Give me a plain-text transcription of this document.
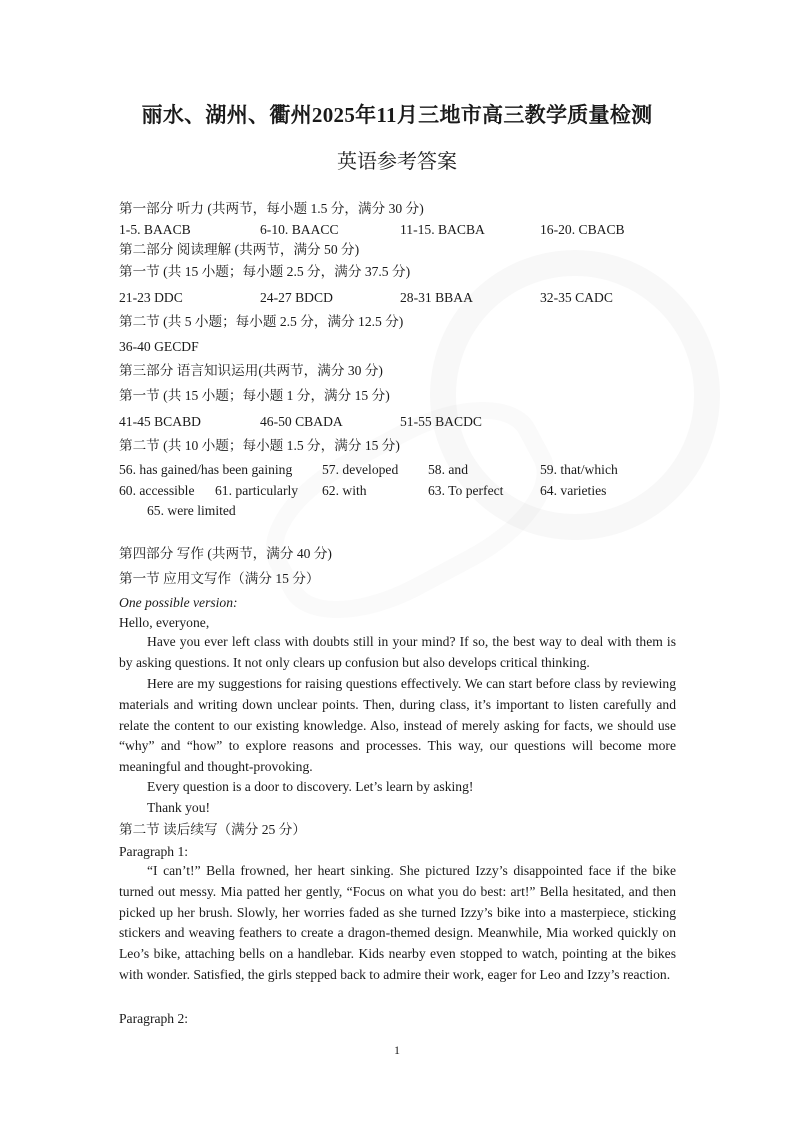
丽水、湖州、衢州2025年11月三地市高三教学质量检测
英语参考答案
第一部分 听力 (共两节，每小题 1.5 分，满分 30 分)
1-5. BAACB	6-10. BAACC	11-15. BACBA	16-20. CBACB
第二部分 阅读理解 (共两节，满分 50 分)
第一节 (共 15 小题；每小题 2.5 分，满分 37.5 分)
21-23 DDC	24-27 BDCD	28-31 BBAA	32-35 CADC
第二节 (共 5 小题；每小题 2.5 分，满分 12.5 分)
36-40 GECDF
第三部分 语言知识运用(共两节，满分 30 分)
第一节 (共 15 小题；每小题 1 分，满分 15 分)
41-45 BCABD	46-50 CBADA	51-55 BACDC
第二节 (共 10 小题；每小题 1.5 分，满分 15 分)
56. has gained/has been gaining 57. developed 58. and	59. that/which
60. accessible 61. particularly 62. with	63. To perfect	64. varieties
65. were limited
第四部分 写作 (共两节，满分 40 分)
第一节 应用文写作（满分 15 分）
One possible version:
Hello, everyone,
Have you ever left class with doubts still in your mind? If so, the best way to deal with them is by asking questions. It not only clears up confusion but also develops critical thinking.
Here are my suggestions for raising questions effectively. We can start before class by reviewing materials and writing down unclear points. Then, during class, it’s important to listen carefully and relate the content to our existing knowledge. Also, instead of merely asking for facts, we should use “why” and “how” to explore reasons and processes. This way, our questions will become more meaningful and thought-provoking.
Every question is a door to discovery. Let’s learn by asking!
Thank you!
第二节 读后续写（满分 25 分）
Paragraph 1:
“I can’t!” Bella frowned, her heart sinking. She pictured Izzy’s disappointed face if the bike turned out messy. Mia patted her gently, “Focus on what you do best: art!” Bella hesitated, and then picked up her brush. Slowly, her worries faded as she turned Izzy’s bike into a masterpiece, sticking stickers and weaving feathers to create a dragon-themed design. Meanwhile, Mia worked quickly on Leo’s bike, attaching bells on a handlebar. Kids nearby even stopped to watch, pointing at the bikes with wonder. Satisfied, the girls stepped back to admire their work, eager for Leo and Izzy’s reaction.
Paragraph 2:
1
